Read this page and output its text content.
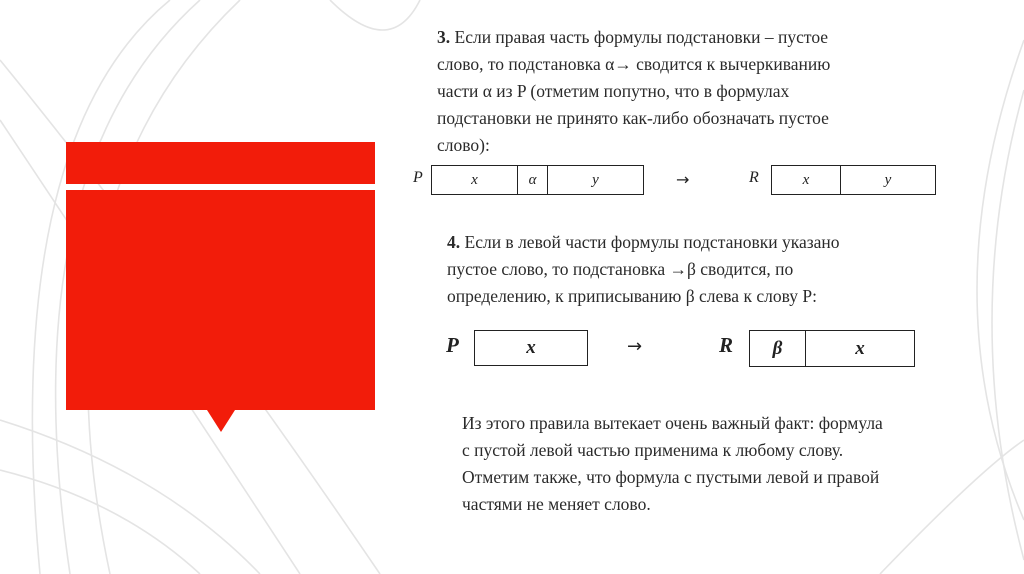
3. Если правая часть формулы подстановки – пустое
слово, то подстановка α→ сводится к вычеркиванию
части α из P (отметим попутно, что в формулах
подстановки не принято как-либо обозначать пустое
слово):
P	x	α	y	→	R	x	y
4. Если в левой части формулы подстановки указано
пустое слово, то подстановка →β сводится, по
определению, к приписыванию β слева к слову P:
P	x	→	R	β	x
Из этого правила вытекает очень важный факт: формула
с пустой левой частью применима к любому слову.
Отметим также, что формула с пустыми левой и правой
частями не меняет слово.
